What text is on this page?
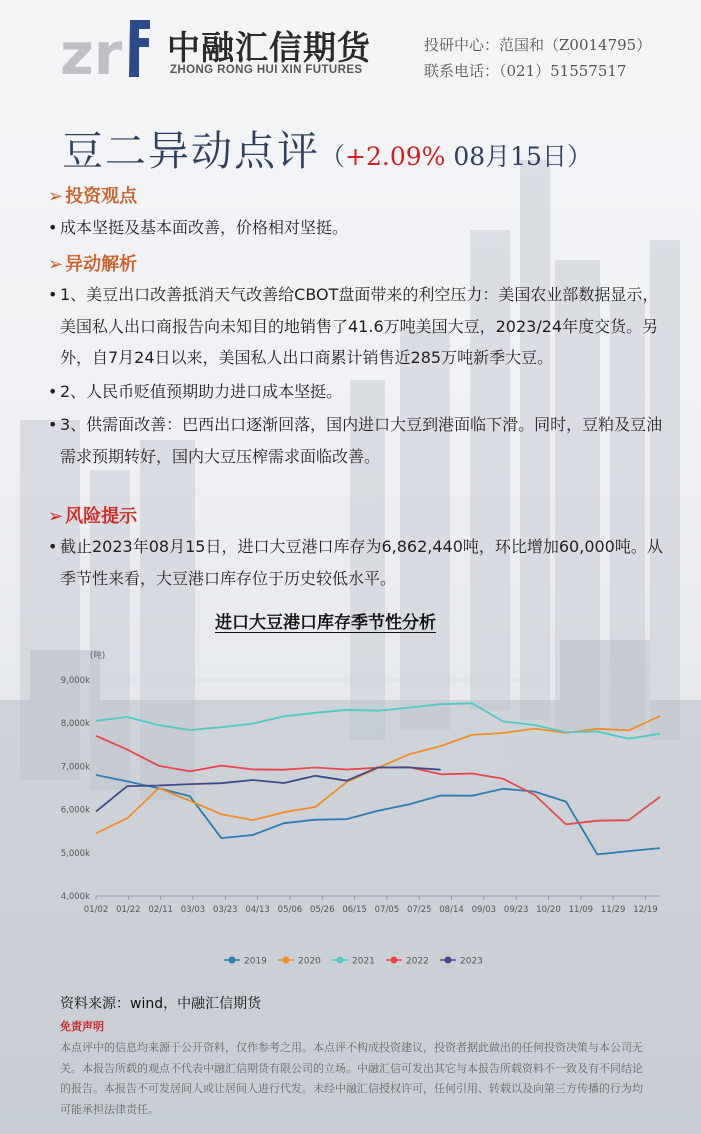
zr 中融汇信期货
ZHONG RONG HUI XIN FUTURES
投研中心：范国和（Z0014795）
联系电话：（021）51557517
豆二异动点评（+2.09% 08月15日）
➢ 投资观点
• 成本坚挺及基本面改善，价格相对坚挺。
➢ 异动解析
• 1、美豆出口改善抵消天气改善给CBOT盘面带来的利空压力：美国农业部数据显示，美国私人出口商报告向未知目的地销售了41.6万吨美国大豆，2023/24年度交货。另外，自7月24日以来，美国私人出口商累计销售近285万吨新季大豆。
• 2、人民币贬值预期助力进口成本坚挺。
• 3、供需面改善：巴西出口逐渐回落，国内进口大豆到港面临下滑。同时，豆粕及豆油需求预期转好，国内大豆压榨需求面临改善。
➢ 风险提示
• 截止2023年08月15日，进口大豆港口库存为6,862,440吨，环比增加60,000吨。从季节性来看，大豆港口库存位于历史较低水平。
进口大豆港口库存季节性分析
(吨)
4,000k
5,000k
6,000k
7,000k
8,000k
9,000k
01/02 01/22 02/11 03/03 03/23 04/13 05/06 05/26 06/15 07/05 07/25 08/14 09/03 09/23 10/20 11/09 11/29 12/19
2019	2020	2021	2022	2023
资料来源：wind，中融汇信期货
免责声明
本点评中的信息均来源于公开资料，仅作参考之用。本点评不构成投资建议，投资者据此做出的任何投资决策与本公司无关。本报告所载的观点不代表中融汇信期货有限公司的立场。中融汇信可发出其它与本报告所载资料不一致及有不同结论的报告。本报告不可发居间人或让居间人进行代发。未经中融汇信授权许可，任何引用、转载以及向第三方传播的行为均可能承担法律责任。
